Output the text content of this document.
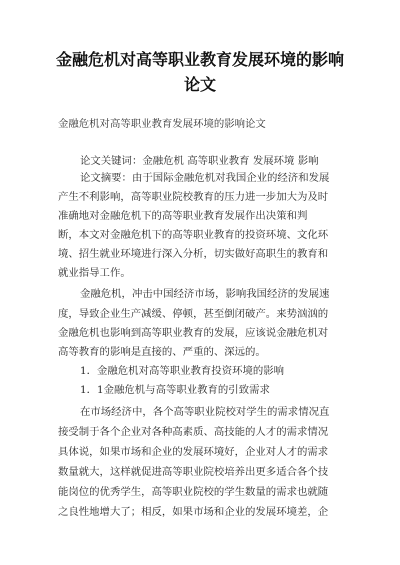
金融危机对高等职业教育发展环境的影响
论文
金融危机对高等职业教育发展环境的影响论文
论文关键词：金融危机 高等职业教育 发展环境 影响
论文摘要：由于国际金融危机对我国企业的经济和发展
产生不利影响，高等职业院校教育的压力进一步加大为及时
准确地对金融危机下的高等职业教育发展作出决策和判
断，本文对金融危机下的高等职业教育的投资环境、文化环
境、招生就业环境进行深入分析，切实做好高职生的教育和
就业指导工作。
金融危机，冲击中国经济市场，影响我国经济的发展速
度，导致企业生产减缓、停顿，甚至倒闭破产。来势汹汹的
金融危机也影响到高等职业教育的发展，应该说金融危机对
高等教育的影响是直接的、严重的、深远的。
1．金融危机对高等职业教育投资环境的影响
1．1金融危机与高等职业教育的引致需求
在市场经济中，各个高等职业院校对学生的需求情况直
接受制于各个企业对各种高素质、高技能的人才的需求情况
具体说，如果市场和企业的发展环境好，企业对人才的需求
数量就大，这样就促进高等职业院校培养出更多适合各个技
能岗位的优秀学生，高等职业院校的学生数量的需求也就随
之良性地增大了；相反，如果市场和企业的发展环境差，企
